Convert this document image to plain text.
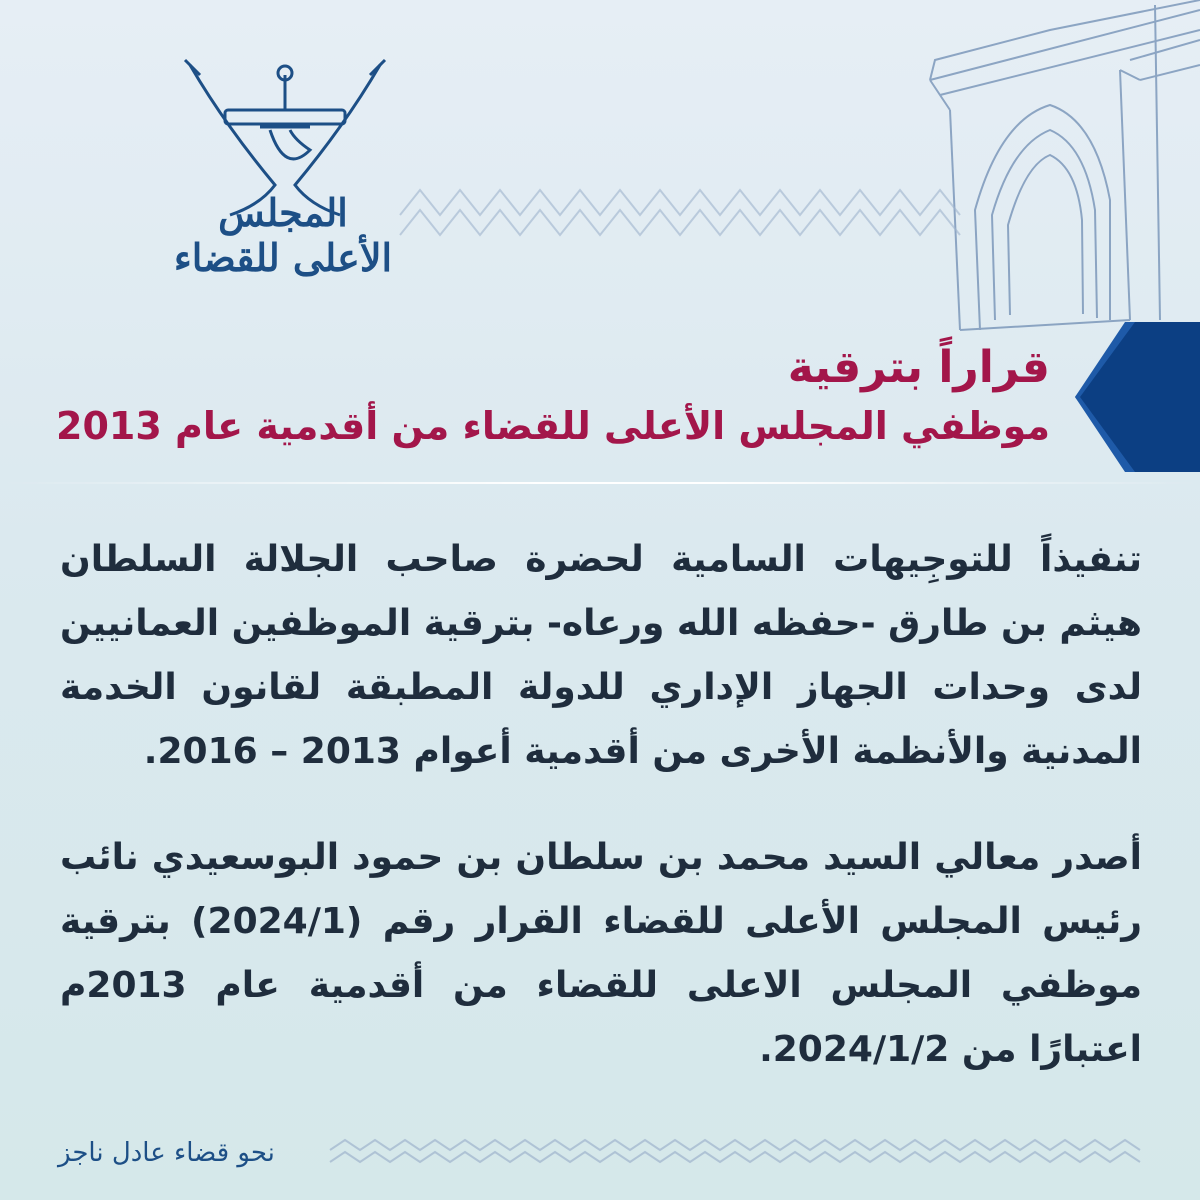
المجلس الأعلى للقضاء
قراراً بترقية
موظفي المجلس الأعلى للقضاء من أقدمية عام 2013

تنفيذاً للتوجِيهات السامية لحضرة صاحب الجلالة السلطان هيثم بن طارق -حفظه الله ورعاه- بترقية الموظفين العمانيين لدى وحدات الجهاز الإداري للدولة المطبقة لقانون الخدمة المدنية والأنظمة الأخرى من أقدمية أعوام 2013 – 2016.

أصدر معالي السيد محمد بن سلطان بن حمود البوسعيدي نائب رئيس المجلس الأعلى للقضاء القرار رقم (2024/1) بترقية موظفي المجلس الاعلى للقضاء من أقدمية عام 2013م اعتبارًا من 2024/1/2.

نحو قضاء عادل ناجز
